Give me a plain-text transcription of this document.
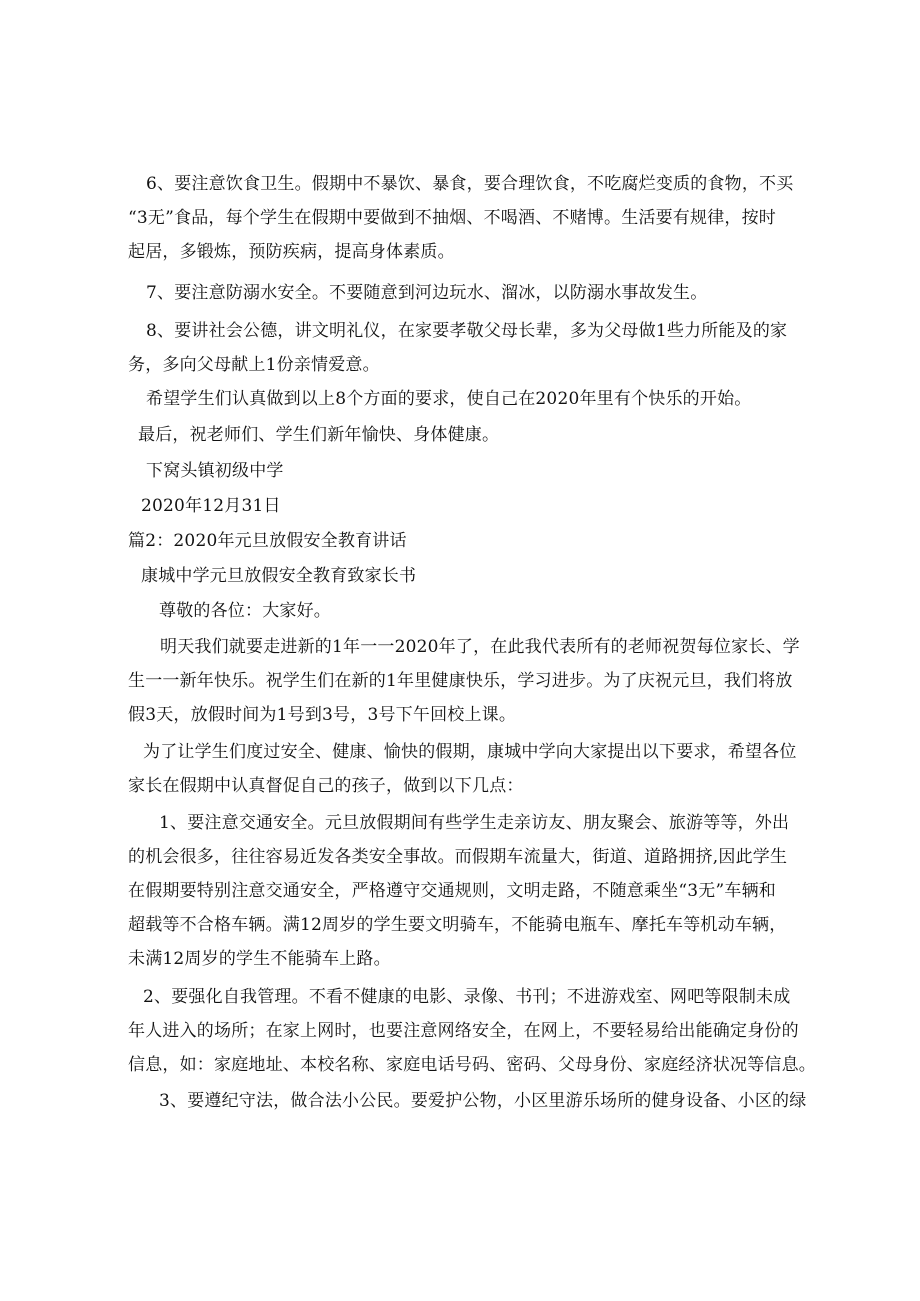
6、要注意饮食卫生。假期中不暴饮、暴食，要合理饮食，不吃腐烂变质的食物，不买
“3无”食品，每个学生在假期中要做到不抽烟、不喝酒、不赌博。生活要有规律，按时
起居，多锻炼，预防疾病，提高身体素质。
7、要注意防溺水安全。不要随意到河边玩水、溜冰，以防溺水事故发生。
8、要讲社会公德，讲文明礼仪，在家要孝敬父母长辈，多为父母做1些力所能及的家
务，多向父母献上1份亲情爱意。
希望学生们认真做到以上8个方面的要求，使自己在2020年里有个快乐的开始。
最后，祝老师们、学生们新年愉快、身体健康。
下窝头镇初级中学
2020年12月31日
篇2：2020年元旦放假安全教育讲话
康城中学元旦放假安全教育致家长书
尊敬的各位：大家好。
明天我们就要走进新的1年一一2020年了，在此我代表所有的老师祝贺每位家长、学
生一一新年快乐。祝学生们在新的1年里健康快乐，学习进步。为了庆祝元旦，我们将放
假3天，放假时间为1号到3号，3号下午回校上课。
为了让学生们度过安全、健康、愉快的假期，康城中学向大家提出以下要求，希望各位
家长在假期中认真督促自己的孩子，做到以下几点：
1、要注意交通安全。元旦放假期间有些学生走亲访友、朋友聚会、旅游等等，外出
的机会很多，往往容易近发各类安全事故。而假期车流量大，街道、道路拥挤,因此学生
在假期要特别注意交通安全，严格遵守交通规则，文明走路，不随意乘坐“3无”车辆和
超载等不合格车辆。满12周岁的学生要文明骑车，不能骑电瓶车、摩托车等机动车辆，
未满12周岁的学生不能骑车上路。
2、要强化自我管理。不看不健康的电影、录像、书刊；不进游戏室、网吧等限制未成
年人进入的场所；在家上网时，也要注意网络安全，在网上，不要轻易给出能确定身份的
信息，如：家庭地址、本校名称、家庭电话号码、密码、父母身份、家庭经济状况等信息。
3、要遵纪守法，做合法小公民。要爱护公物，小区里游乐场所的健身设备、小区的绿
